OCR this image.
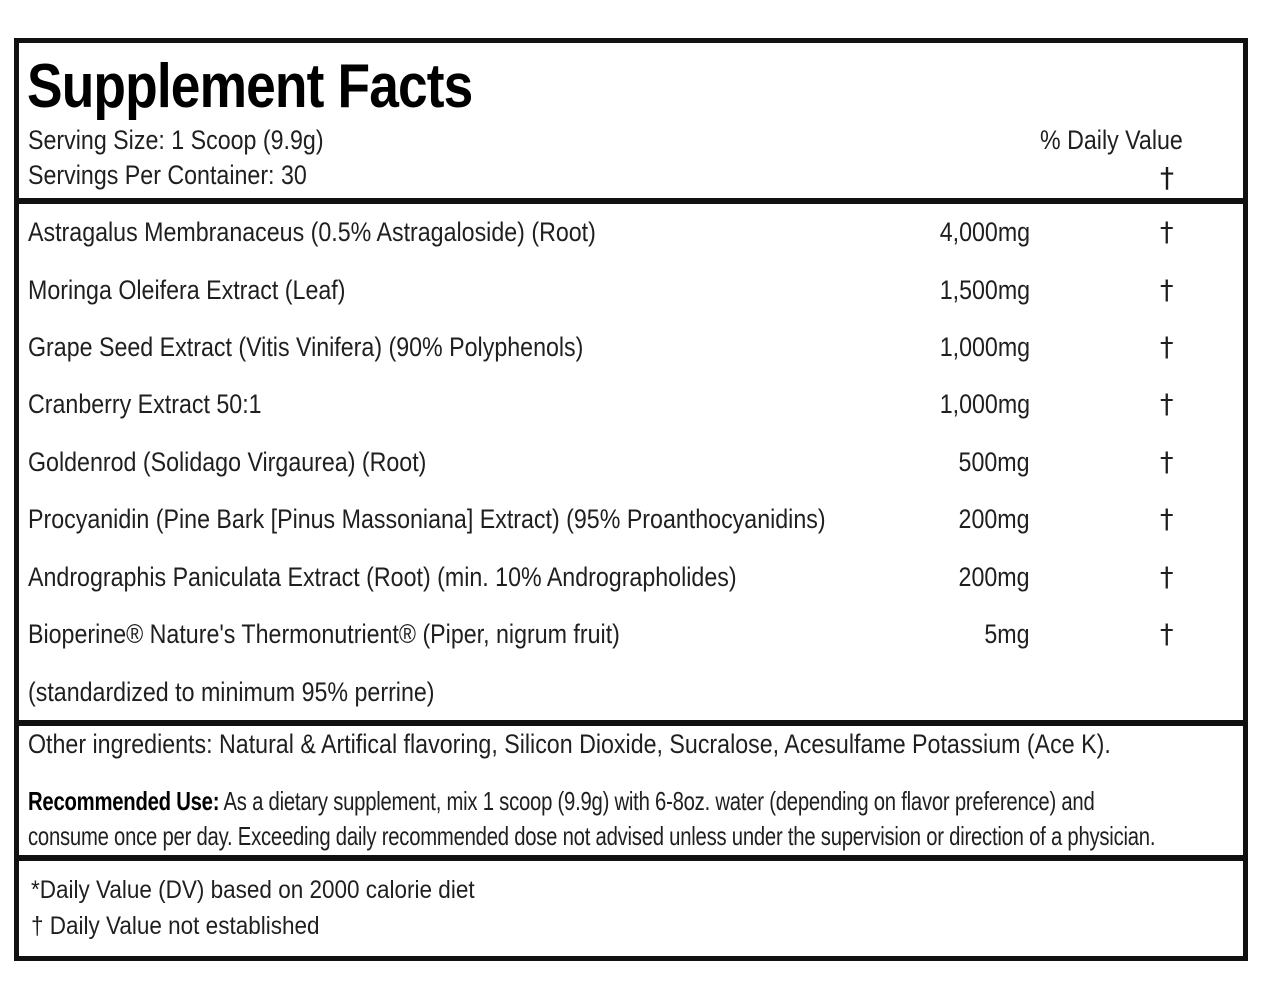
Supplement Facts
Serving Size: 1 Scoop (9.9g)
Servings Per Container: 30
% Daily Value
†
Astragalus Membranaceus (0.5% Astragaloside) (Root)	4,000mg	†
Moringa Oleifera Extract (Leaf)	1,500mg	†
Grape Seed Extract (Vitis Vinifera) (90% Polyphenols)	1,000mg	†
Cranberry Extract 50:1	1,000mg	†
Goldenrod (Solidago Virgaurea) (Root)	500mg	†
Procyanidin (Pine Bark [Pinus Massoniana] Extract) (95% Proanthocyanidins)	200mg	†
Andrographis Paniculata Extract (Root) (min. 10% Andrographolides)	200mg	†
Bioperine® Nature's Thermonutrient® (Piper, nigrum fruit)	5mg	†
(standardized to minimum 95% perrine)
Other ingredients: Natural & Artifical flavoring, Silicon Dioxide, Sucralose, Acesulfame Potassium (Ace K).
Recommended Use: As a dietary supplement, mix 1 scoop (9.9g) with 6-8oz. water (depending on flavor preference) and
consume once per day. Exceeding daily recommended dose not advised unless under the supervision or direction of a physician.
*Daily Value (DV) based on 2000 calorie diet
† Daily Value not established
